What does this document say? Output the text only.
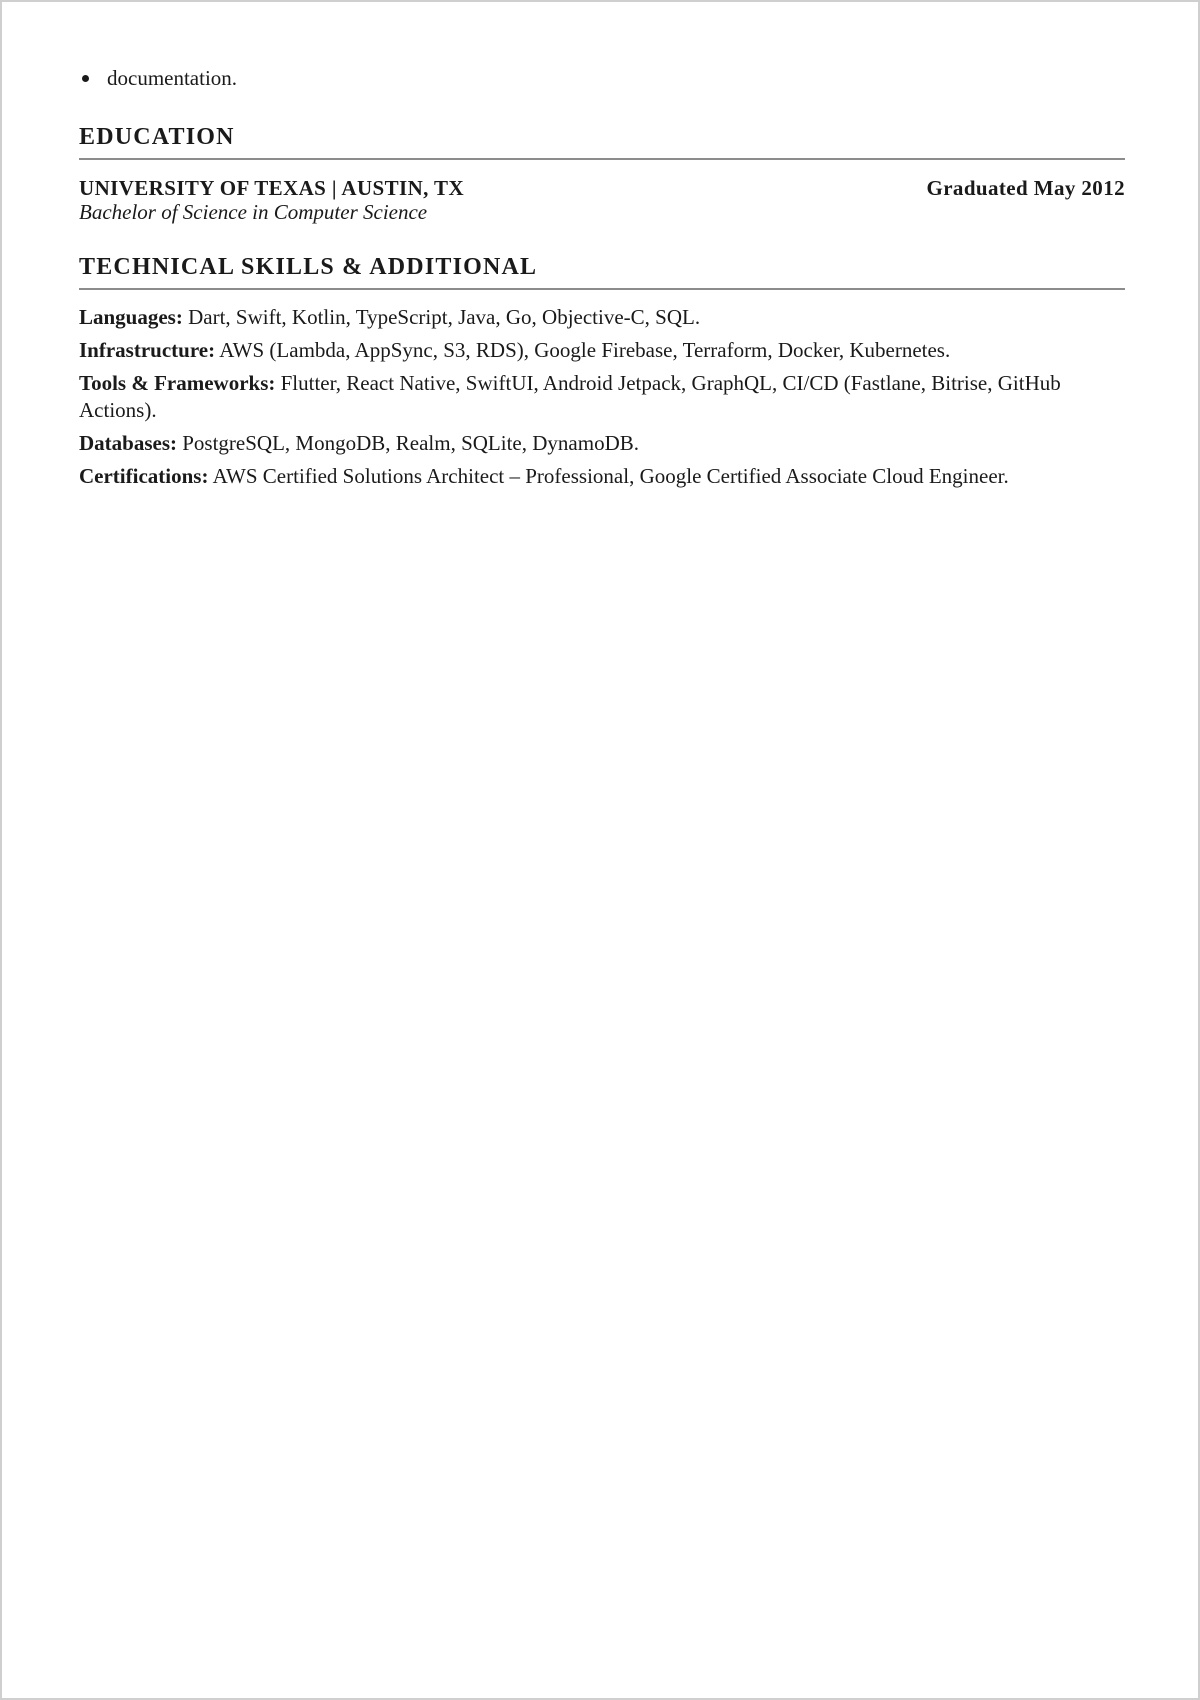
documentation.
EDUCATION
UNIVERSITY OF TEXAS | AUSTIN, TX	Graduated May 2012
Bachelor of Science in Computer Science
TECHNICAL SKILLS & ADDITIONAL

Languages: Dart, Swift, Kotlin, TypeScript, Java, Go, Objective-C, SQL.

Infrastructure: AWS (Lambda, AppSync, S3, RDS), Google Firebase, Terraform, Docker, Kubernetes.

Tools & Frameworks: Flutter, React Native, SwiftUI, Android Jetpack, GraphQL, CI/CD (Fastlane, Bitrise, GitHub Actions).

Databases: PostgreSQL, MongoDB, Realm, SQLite, DynamoDB.

Certifications: AWS Certified Solutions Architect – Professional, Google Certified Associate Cloud Engineer.
